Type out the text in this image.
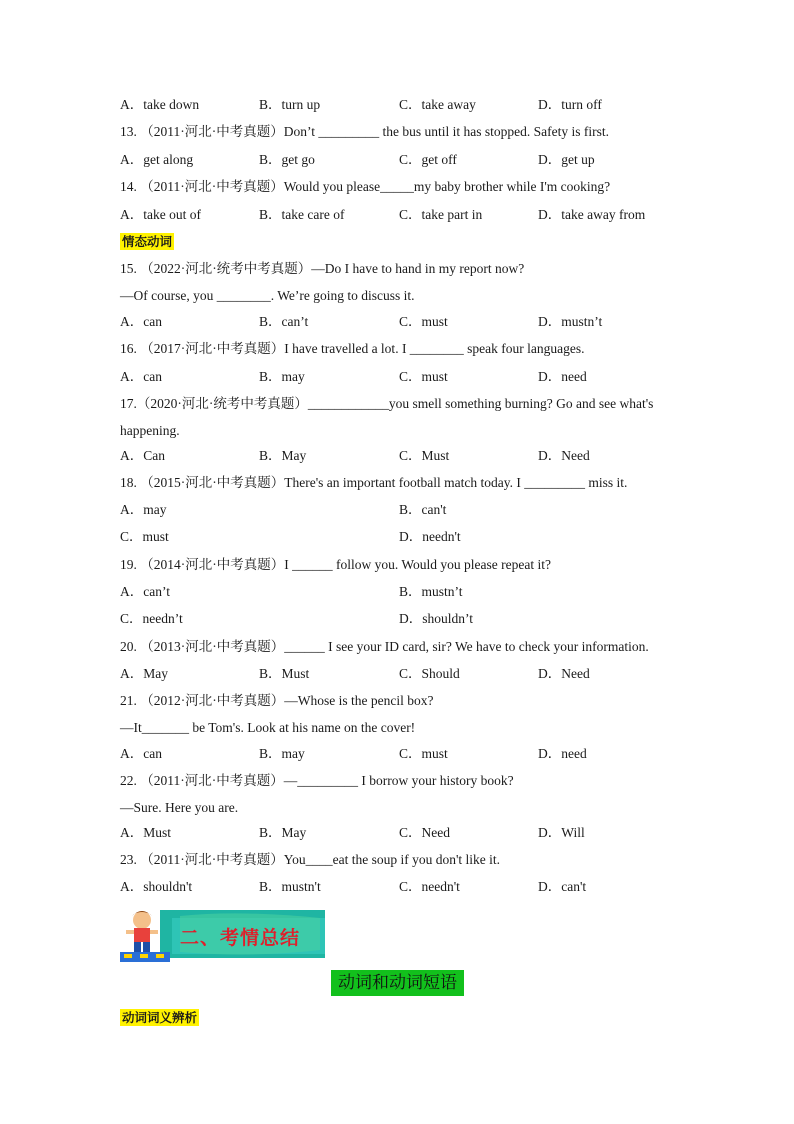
A．take down	B．turn up	C．take away	D．turn off
13. （2011·河北·中考真题）Don’t _________ the bus until it has stopped. Safety is first.
A．get along	B．get go	C．get off	D．get up
14. （2011·河北·中考真题）Would you please_____my baby brother while I'm cooking?
A．take out of	B．take care of	C．take part in	D．take away from
情态动词
15. （2022·河北·统考中考真题）—Do I have to hand in my report now?
—Of course, you ________. We’re going to discuss it.
A．can	B．can’t	C．must	D．mustn’t
16. （2017·河北·中考真题）I have travelled a lot. I ________ speak four languages.
A．can	B．may	C．must	D．need
17.（2020·河北·统考中考真题）____________you smell something burning? Go and see what's
happening.
A．Can	B．May	C．Must	D．Need
18. （2015·河北·中考真题）There's an important football match today. I _________ miss it.
A．may	B．can't
C．must	D．needn't
19. （2014·河北·中考真题）I ______ follow you. Would you please repeat it?
A．can’t	B．mustn’t
C．needn’t	D．shouldn’t
20. （2013·河北·中考真题）______ I see your ID card, sir? We have to check your information.
A．May	B．Must	C．Should	D．Need
21. （2012·河北·中考真题）—Whose is the pencil box?
—It_______ be Tom's. Look at his name on the cover!
A．can	B．may	C．must	D．need
22. （2011·河北·中考真题）—_________ I borrow your history book?
—Sure. Here you are.
A．Must	B．May	C．Need	D．Will
23. （2011·河北·中考真题）You____eat the soup if you don't like it.
A．shouldn't	B．mustn't	C．needn't	D．can't
二、考情总结
动词和动词短语
动词词义辨析
